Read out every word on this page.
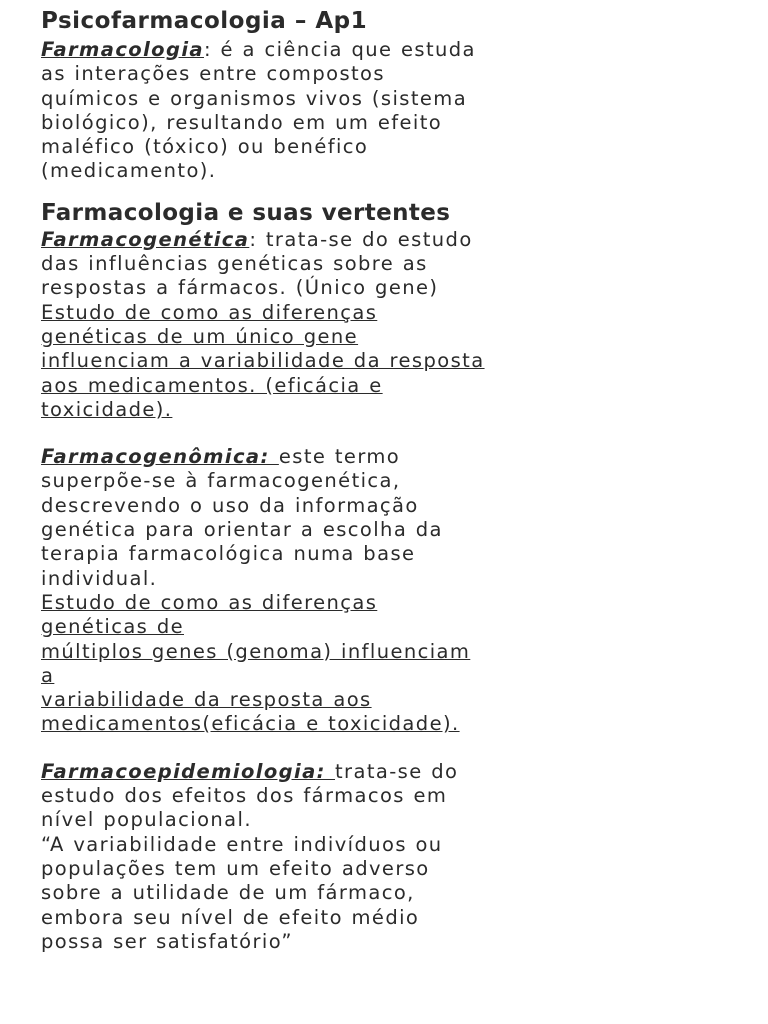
Psicofarmacologia – Ap1

Farmacologia: é a ciência que estuda
as interações entre compostos
químicos e organismos vivos (sistema
biológico), resultando em um efeito
maléfico (tóxico) ou benéfico
(medicamento).

Farmacologia e suas vertentes

Farmacogenética: trata-se do estudo
das influências genéticas sobre as
respostas a fármacos. (Único gene)
Estudo de como as diferenças
genéticas de um único gene
influenciam a variabilidade da resposta
aos medicamentos. (eficácia e
toxicidade).

Farmacogenômica: este termo
superpõe-se à farmacogenética,
descrevendo o uso da informação
genética para orientar a escolha da
terapia farmacológica numa base
individual.
Estudo de como as diferenças
genéticas de
múltiplos genes (genoma) influenciam
a
variabilidade da resposta aos
medicamentos(eficácia e toxicidade).

Farmacoepidemiologia: trata-se do
estudo dos efeitos dos fármacos em
nível populacional.
“A variabilidade entre indivíduos ou
populações tem um efeito adverso
sobre a utilidade de um fármaco,
embora seu nível de efeito médio
possa ser satisfatório”
